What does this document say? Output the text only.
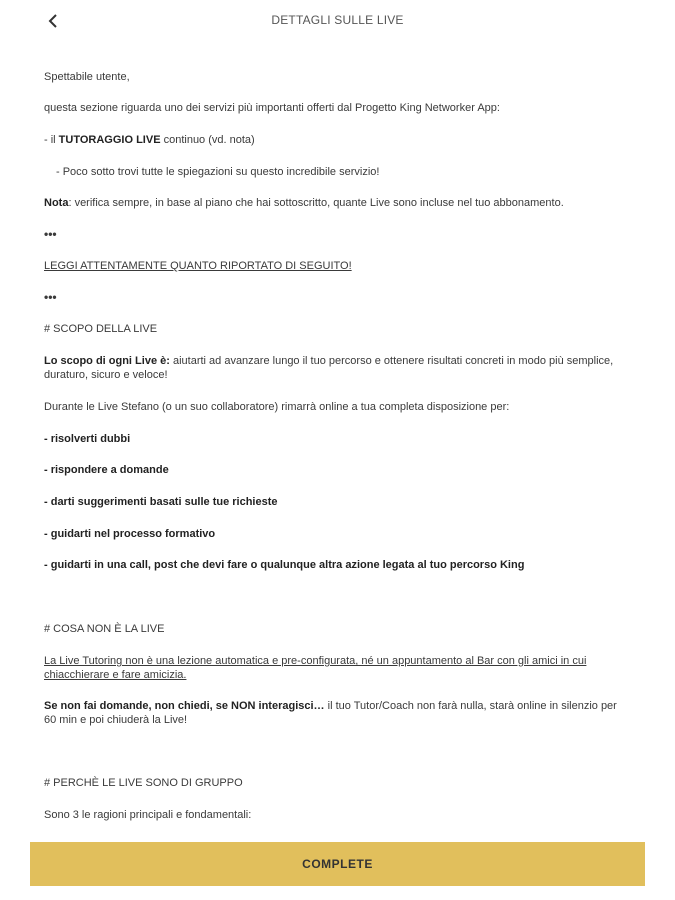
DETTAGLI SULLE LIVE

Spettabile utente,

questa sezione riguarda uno dei servizi più importanti offerti dal Progetto King Networker App:

- il TUTORAGGIO LIVE continuo (vd. nota)

- Poco sotto trovi tutte le spiegazioni su questo incredibile servizio!

Nota: verifica sempre, in base al piano che hai sottoscritto, quante Live sono incluse nel tuo abbonamento.

•••

LEGGI ATTENTAMENTE QUANTO RIPORTATO DI SEGUITO!

•••

# SCOPO DELLA LIVE

Lo scopo di ogni Live è: aiutarti ad avanzare lungo il tuo percorso e ottenere risultati concreti in modo più semplice, duraturo, sicuro e veloce!

Durante le Live Stefano (o un suo collaboratore) rimarrà online a tua completa disposizione per:

- risolverti dubbi

- rispondere a domande

- darti suggerimenti basati sulle tue richieste

- guidarti nel processo formativo

- guidarti in una call, post che devi fare o qualunque altra azione legata al tuo percorso King

# COSA NON È LA LIVE

La Live Tutoring non è una lezione automatica e pre-configurata, né un appuntamento al Bar con gli amici in cui chiacchierare e fare amicizia.

Se non fai domande, non chiedi, se NON interagisci… il tuo Tutor/Coach non farà nulla, starà online in silenzio per 60 min e poi chiuderà la Live!

# PERCHÈ LE LIVE SONO DI GRUPPO

Sono 3 le ragioni principali e fondamentali:

COMPLETE
